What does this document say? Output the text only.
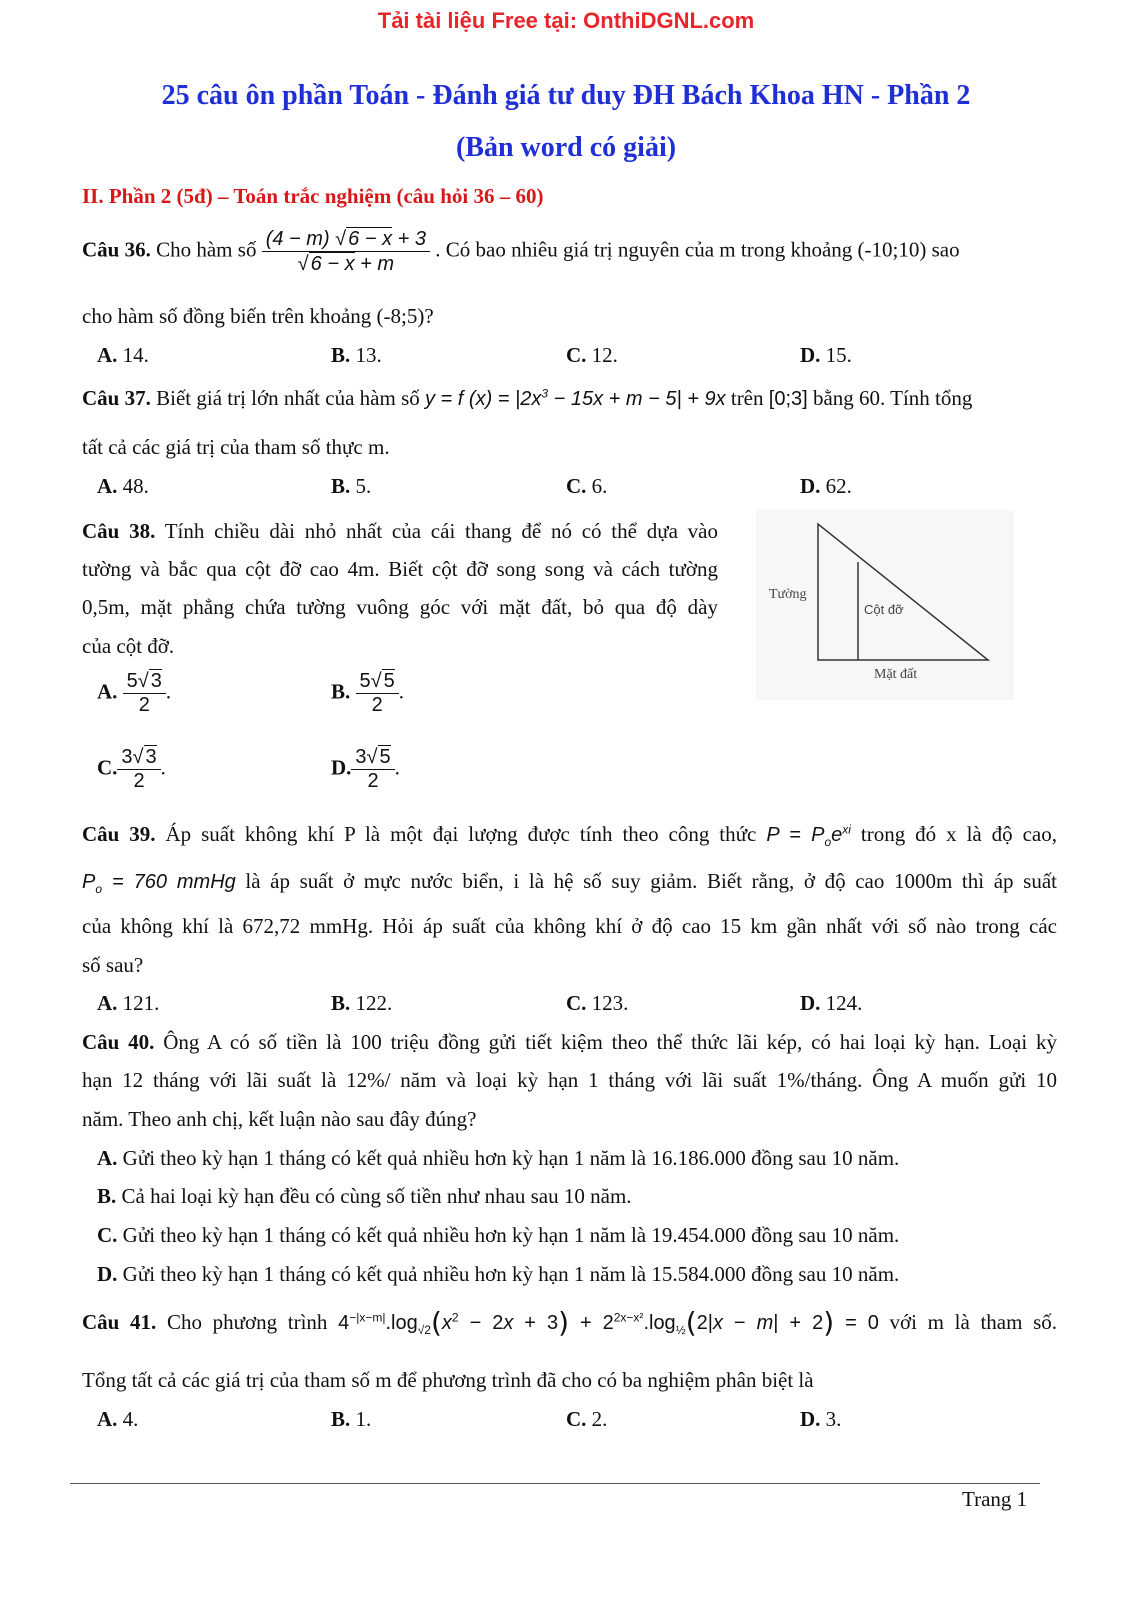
Tải tài liệu Free tại: OnthiDGNL.com
25 câu ôn phần Toán - Đánh giá tư duy ĐH Bách Khoa HN - Phần 2
(Bản word có giải)
II. Phần 2 (5đ) – Toán trắc nghiệm (câu hỏi 36 – 60)
Câu 36. Cho hàm số $\frac{(4 - m) √ 6 - x + 3}{√ 6 - x + m}$ . Có bao nhiêu giá trị nguyên của m trong khoảng (-10;10) sao
cho hàm số đồng biến trên khoảng (-8;5)?
A. 14.	B. 13.	C. 12.	D. 15.
Câu 37. Biết giá trị lớn nhất của hàm số y = f $(x) = |2x^3 - 15x + m - 5| + 9x$ trên [0;3] bằng 60. Tính tổng
tất cả các giá trị của tham số thực m.
A. 48.	B. 5.	C. 6.	D. 62.
Câu 38. Tính chiều dài nhỏ nhất của cái thang để nó có thể dựa vào
tường và bắc qua cột đỡ cao 4m. Biết cột đỡ song song và cách tường
0,5m, mặt phẳng chứa tường vuông góc với mặt đất, bỏ qua độ dày
của cột đỡ.
A. $\frac{5√ 3}{2}$ .	B. $\frac{5√ 5}{2}$ .
C. $\frac{3√ 3}{2}$ .	D. $\frac{3√ 5}{2}$ .
Tường
Cột đỡ
Mặt đất
Câu 39. Áp suất không khí P là một đại lượng được tính theo công thức $P = P_oe^{xi}$ trong đó x là độ cao,
$P_o = 760$ mmHg là áp suất ở mực nước biển, i là hệ số suy giảm. Biết rằng, ở độ cao 1000m thì áp suất
của không khí là 672,72 mmHg. Hỏi áp suất của không khí ở độ cao 15 km gần nhất với số nào trong các
số sau?
A. 121.	B. 122.	C. 123.	D. 124.
Câu 40. Ông A có số tiền là 100 triệu đồng gửi tiết kiệm theo thể thức lãi kép, có hai loại kỳ hạn. Loại kỳ
hạn 12 tháng với lãi suất là 12%/ năm và loại kỳ hạn 1 tháng với lãi suất 1%/tháng. Ông A muốn gửi 10
năm. Theo anh chị, kết luận nào sau đây đúng?
A. Gửi theo kỳ hạn 1 tháng có kết quả nhiều hơn kỳ hạn 1 năm là 16.186.000 đồng sau 10 năm.
B. Cả hai loại kỳ hạn đều có cùng số tiền như nhau sau 10 năm.
C. Gửi theo kỳ hạn 1 tháng có kết quả nhiều hơn kỳ hạn 1 năm là 19.454.000 đồng sau 10 năm.
D. Gửi theo kỳ hạn 1 tháng có kết quả nhiều hơn kỳ hạn 1 năm là 15.584.000 đồng sau 10 năm.
Câu 41. Cho phương trình $4^{-|x-m|}.\log_{√2}(x^2 - 2x + 3) + 2^{2x-x^2}.\log_{\frac{1}{2}}(2|x - m| + 2) = 0$ với m là tham số.
Tổng tất cả các giá trị của tham số m để phương trình đã cho có ba nghiệm phân biệt là
A. 4.	B. 1.	C. 2.	D. 3.
Trang 1
